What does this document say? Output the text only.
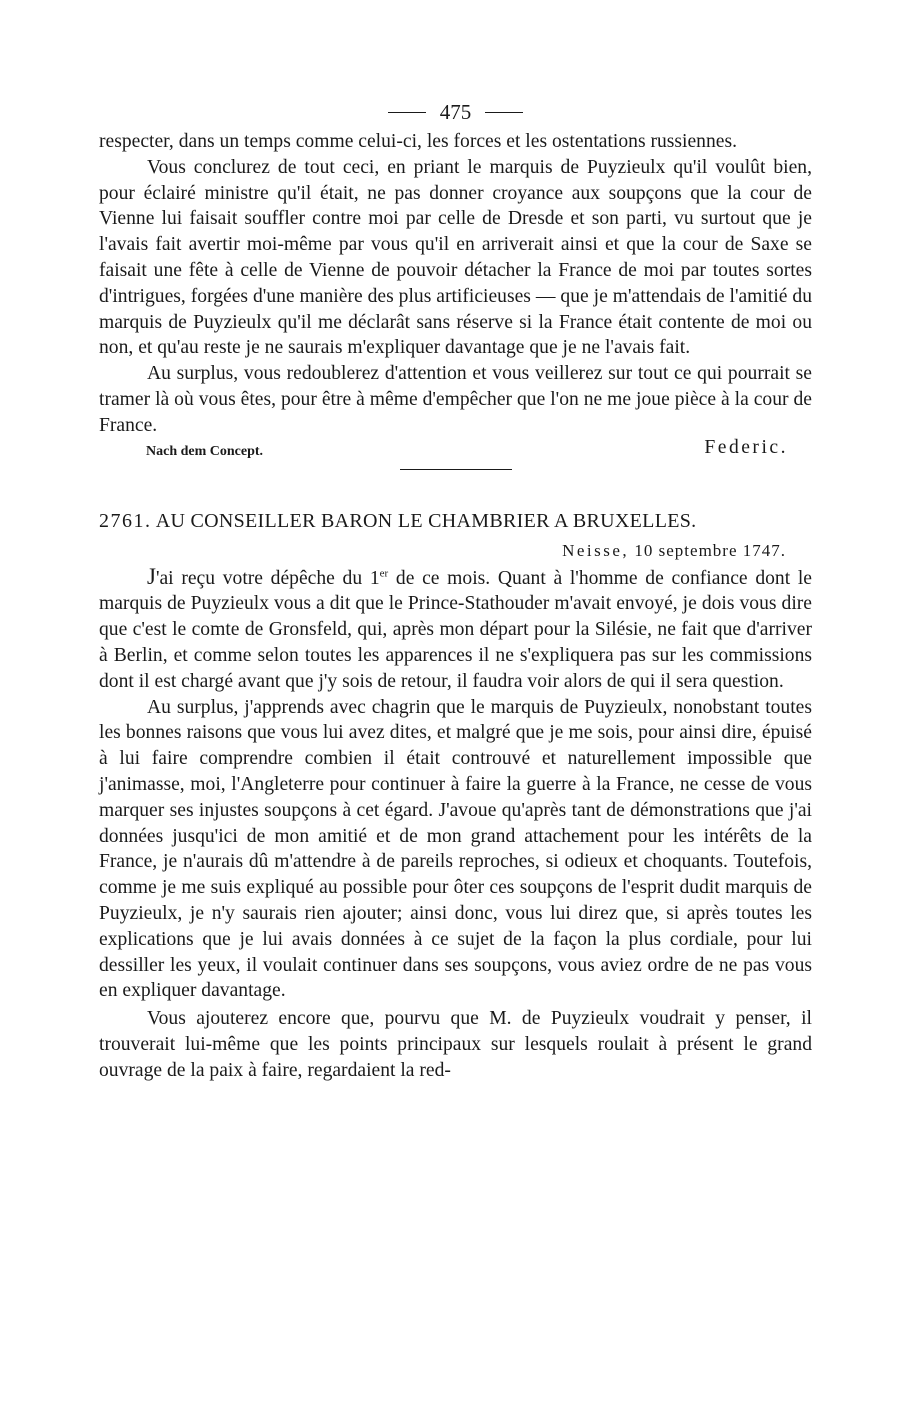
475

respecter, dans un temps comme celui-ci, les forces et les ostentations russiennes.

Vous conclurez de tout ceci, en priant le marquis de Puyzieulx qu'il voulût bien, pour éclairé ministre qu'il était, ne pas donner croyance aux soupçons que la cour de Vienne lui faisait souffler contre moi par celle de Dresde et son parti, vu surtout que je l'avais fait avertir moi-même par vous qu'il en arriverait ainsi et que la cour de Saxe se faisait une fête à celle de Vienne de pouvoir détacher la France de moi par toutes sortes d'intrigues, forgées d'une manière des plus artificieuses — que je m'attendais de l'amitié du marquis de Puyzieulx qu'il me déclarât sans réserve si la France était contente de moi ou non, et qu'au reste je ne saurais m'expliquer davantage que je ne l'avais fait.

Au surplus, vous redoublerez d'attention et vous veillerez sur tout ce qui pourrait se tramer là où vous êtes, pour être à même d'empêcher que l'on ne me joue pièce à la cour de France.

Federic.
Nach dem Concept.
2761. AU CONSEILLER BARON LE CHAMBRIER A BRUXELLES.
Neisse, 10 septembre 1747.

J'ai reçu votre dépêche du 1er de ce mois. Quant à l'homme de confiance dont le marquis de Puyzieulx vous a dit que le Prince-Stathouder m'avait envoyé, je dois vous dire que c'est le comte de Gronsfeld, qui, après mon départ pour la Silésie, ne fait que d'arriver à Berlin, et comme selon toutes les apparences il ne s'expliquera pas sur les commissions dont il est chargé avant que j'y sois de retour, il faudra voir alors de qui il sera question.

Au surplus, j'apprends avec chagrin que le marquis de Puyzieulx, nonobstant toutes les bonnes raisons que vous lui avez dites, et malgré que je me sois, pour ainsi dire, épuisé à lui faire comprendre combien il était controuvé et naturellement impossible que j'animasse, moi, l'Angleterre pour continuer à faire la guerre à la France, ne cesse de vous marquer ses injustes soupçons à cet égard. J'avoue qu'après tant de démonstrations que j'ai données jusqu'ici de mon amitié et de mon grand attachement pour les intérêts de la France, je n'aurais dû m'attendre à de pareils reproches, si odieux et choquants. Toutefois, comme je me suis expliqué au possible pour ôter ces soupçons de l'esprit dudit marquis de Puyzieulx, je n'y saurais rien ajouter; ainsi donc, vous lui direz que, si après toutes les explications que je lui avais données à ce sujet de la façon la plus cordiale, pour lui dessiller les yeux, il voulait continuer dans ses soupçons, vous aviez ordre de ne pas vous en expliquer davantage.

Vous ajouterez encore que, pourvu que M. de Puyzieulx voudrait y penser, il trouverait lui-même que les points principaux sur lesquels roulait à présent le grand ouvrage de la paix à faire, regardaient la red-
